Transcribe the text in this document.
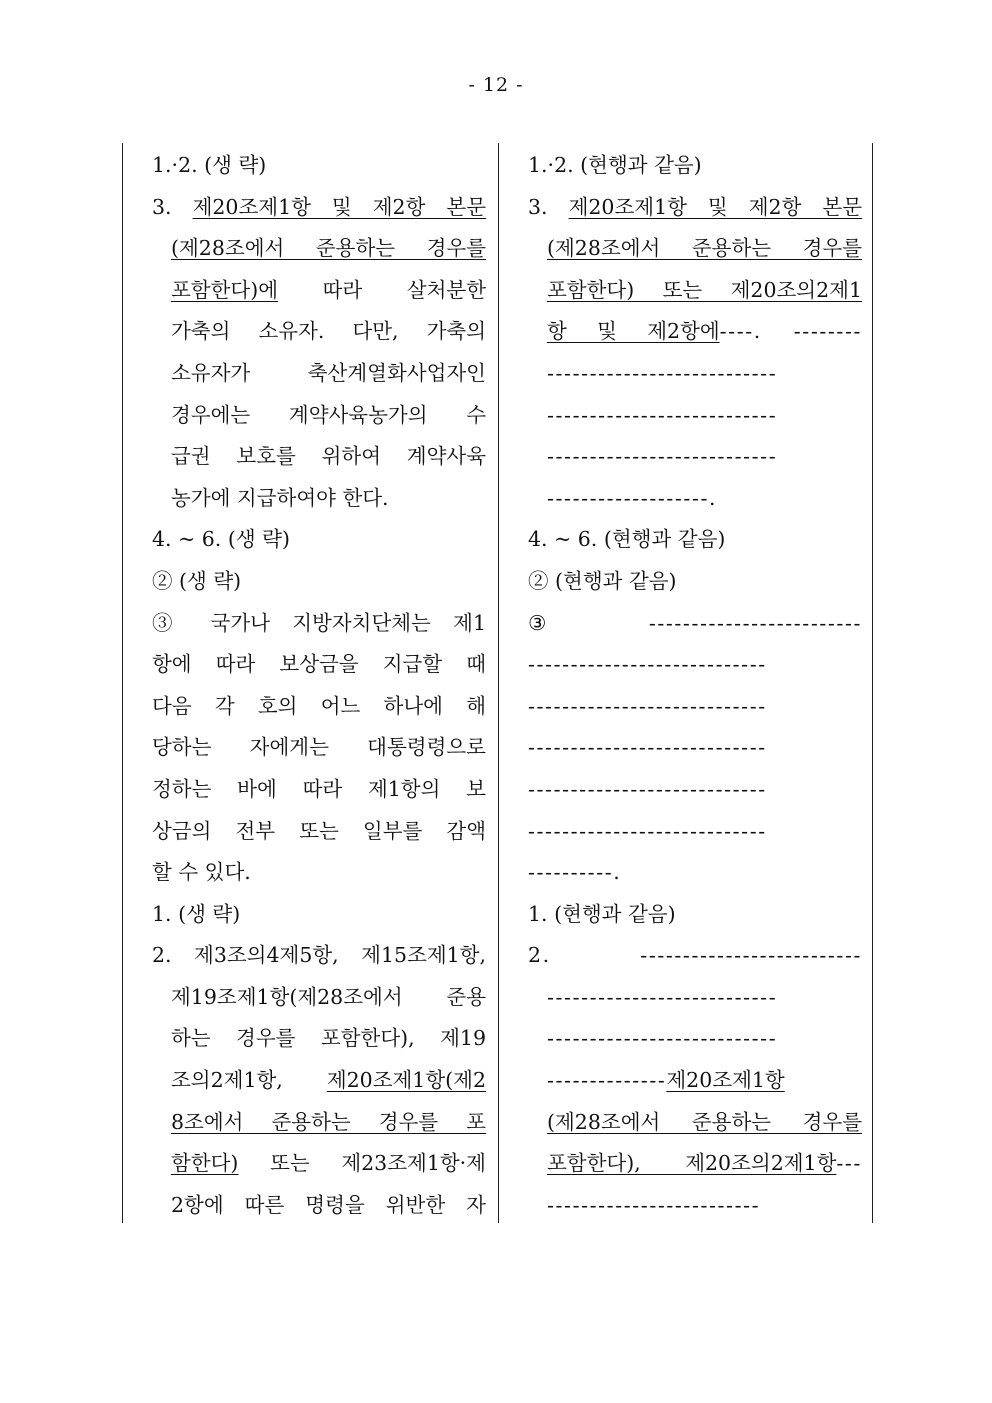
- 12 -
1.·2. (생 략)
3. 제20조제1항 및 제2항 본문
(제28조에서 준용하는 경우를
포함한다)에 따라 살처분한
가축의 소유자. 다만, 가축의
소유자가 축산계열화사업자인
경우에는 계약사육농가의 수
급권 보호를 위하여 계약사육
농가에 지급하여야 한다.
4. ~ 6. (생 략)
② (생 략)
③ 국가나 지방자치단체는 제1
항에 따라 보상금을 지급할 때
다음 각 호의 어느 하나에 해
당하는 자에게는 대통령령으로
정하는 바에 따라 제1항의 보
상금의 전부 또는 일부를 감액
할 수 있다.
1. (생 략)
2. 제3조의4제5항, 제15조제1항,
제19조제1항(제28조에서 준용
하는 경우를 포함한다), 제19
조의2제1항, 제20조제1항(제2
8조에서 준용하는 경우를 포
함한다) 또는 제23조제1항·제
2항에 따른 명령을 위반한 자
1.·2. (현행과 같음)
3. 제20조제1항 및 제2항 본문
(제28조에서 준용하는 경우를
포함한다) 또는 제20조의2제1
항 및 제2항에----. --------
---------------------------
---------------------------
---------------------------
-------------------.
4. ~ 6. (현행과 같음)
② (현행과 같음)
③ -------------------------
----------------------------
----------------------------
----------------------------
----------------------------
----------------------------
----------.
1. (현행과 같음)
2. --------------------------
---------------------------
---------------------------
--------------제20조제1항
(제28조에서 준용하는 경우를
포함한다), 제20조의2제1항---
-------------------------
